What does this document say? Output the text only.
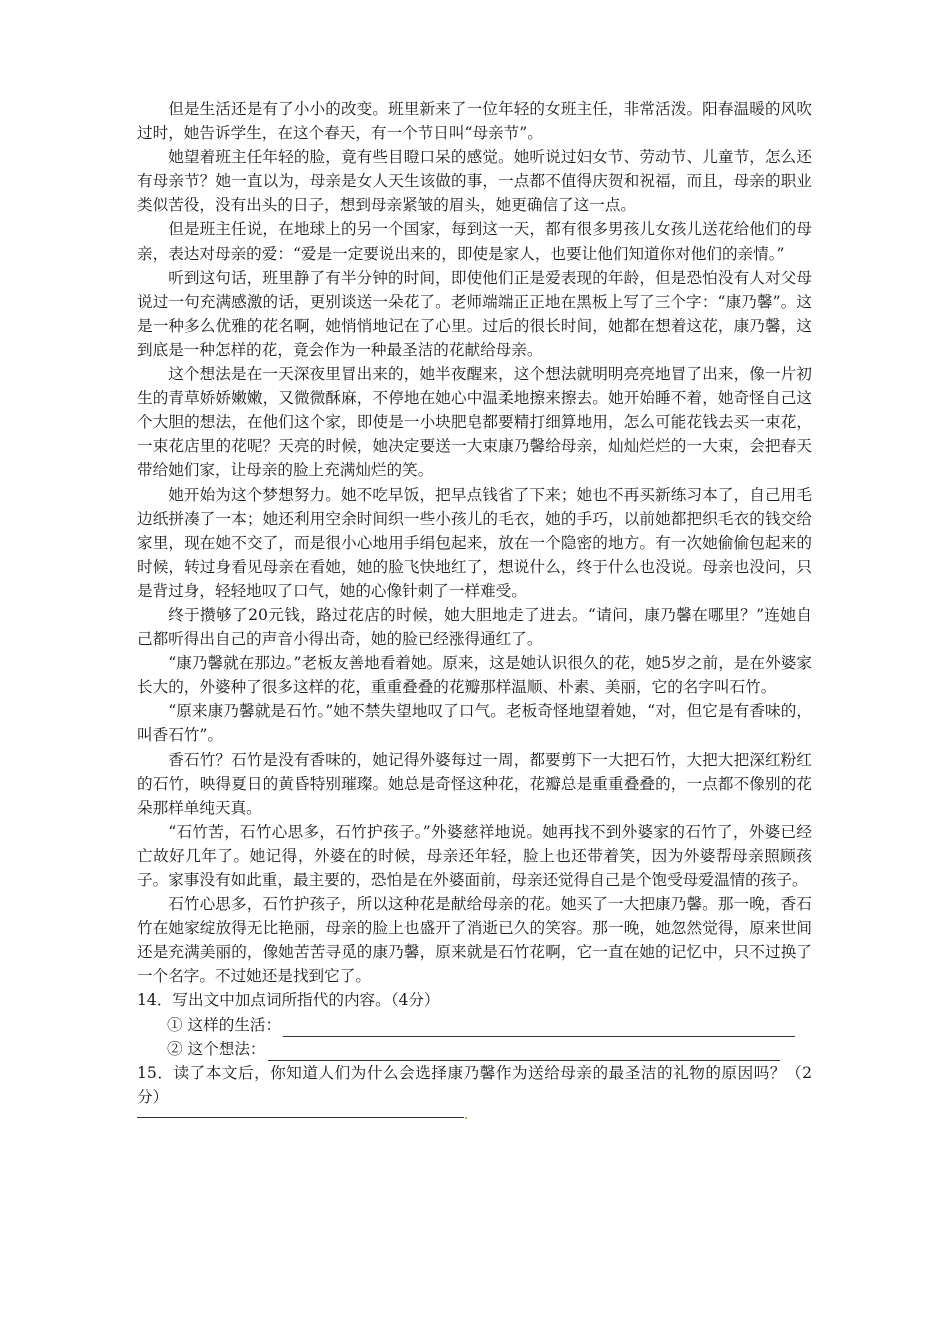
但是生活还是有了小小的改变。班里新来了一位年轻的女班主任，非常活泼。阳春温暖的风吹过时，她告诉学生，在这个春天，有一个节日叫“母亲节”。

她望着班主任年轻的脸，竟有些目瞪口呆的感觉。她听说过妇女节、劳动节、儿童节，怎么还有母亲节？她一直以为，母亲是女人天生该做的事，一点都不值得庆贺和祝福，而且，母亲的职业类似苦役，没有出头的日子，想到母亲紧皱的眉头，她更确信了这一点。

但是班主任说，在地球上的另一个国家，每到这一天，都有很多男孩儿女孩儿送花给他们的母亲，表达对母亲的爱：“爱是一定要说出来的，即使是家人，也要让他们知道你对他们的亲情。”

听到这句话，班里静了有半分钟的时间，即使他们正是爱表现的年龄，但是恐怕没有人对父母说过一句充满感激的话，更别谈送一朵花了。老师端端正正地在黑板上写了三个字：“康乃馨”。这是一种多么优雅的花名啊，她悄悄地记在了心里。过后的很长时间，她都在想着这花，康乃馨，这到底是一种怎样的花，竟会作为一种最圣洁的花献给母亲。

这个想法是在一天深夜里冒出来的，她半夜醒来，这个想法就明明亮亮地冒了出来，像一片初生的青草娇娇嫩嫩，又微微酥麻，不停地在她心中温柔地擦来擦去。她开始睡不着，她奇怪自己这个大胆的想法，在他们这个家，即使是一小块肥皂都要精打细算地用，怎么可能花钱去买一束花，一束花店里的花呢？天亮的时候，她决定要送一大束康乃馨给母亲，灿灿烂烂的一大束，会把春天带给她们家，让母亲的脸上充满灿烂的笑。

她开始为这个梦想努力。她不吃早饭，把早点钱省了下来；她也不再买新练习本了，自己用毛边纸拼凑了一本；她还利用空余时间织一些小孩儿的毛衣，她的手巧，以前她都把织毛衣的钱交给家里，现在她不交了，而是很小心地用手绢包起来，放在一个隐密的地方。有一次她偷偷包起来的时候，转过身看见母亲在看她，她的脸飞快地红了，想说什么，终于什么也没说。母亲也没问，只是背过身，轻轻地叹了口气，她的心像针刺了一样难受。

终于攒够了20元钱，路过花店的时候，她大胆地走了进去。“请问，康乃馨在哪里？”连她自己都听得出自己的声音小得出奇，她的脸已经涨得通红了。

“康乃馨就在那边。”老板友善地看着她。原来，这是她认识很久的花，她5岁之前，是在外婆家长大的，外婆种了很多这样的花，重重叠叠的花瓣那样温顺、朴素、美丽，它的名字叫石竹。

“原来康乃馨就是石竹。”她不禁失望地叹了口气。老板奇怪地望着她，“对，但它是有香味的，叫香石竹”。

香石竹？石竹是没有香味的，她记得外婆每过一周，都要剪下一大把石竹，大把大把深红粉红的石竹，映得夏日的黄昏特别璀璨。她总是奇怪这种花，花瓣总是重重叠叠的，一点都不像别的花朵那样单纯天真。

“石竹苦，石竹心思多，石竹护孩子。”外婆慈祥地说。她再找不到外婆家的石竹了，外婆已经亡故好几年了。她记得，外婆在的时候，母亲还年轻，脸上也还带着笑，因为外婆帮母亲照顾孩子。家事没有如此重，最主要的，恐怕是在外婆面前，母亲还觉得自己是个饱受母爱温情的孩子。

石竹心思多，石竹护孩子，所以这种花是献给母亲的花。她买了一大把康乃馨。那一晚，香石竹在她家绽放得无比艳丽，母亲的脸上也盛开了消逝已久的笑容。那一晚，她忽然觉得，原来世间还是充满美丽的，像她苦苦寻觅的康乃馨，原来就是石竹花啊，它一直在她的记忆中，只不过换了一个名字。不过她还是找到它了。

14．写出文中加点词所指代的内容。（4分）

① 这样的生活：
② 这个想法：

15．读了本文后，你知道人们为什么会选择康乃馨作为送给母亲的最圣洁的礼物的原因吗？（2分）
